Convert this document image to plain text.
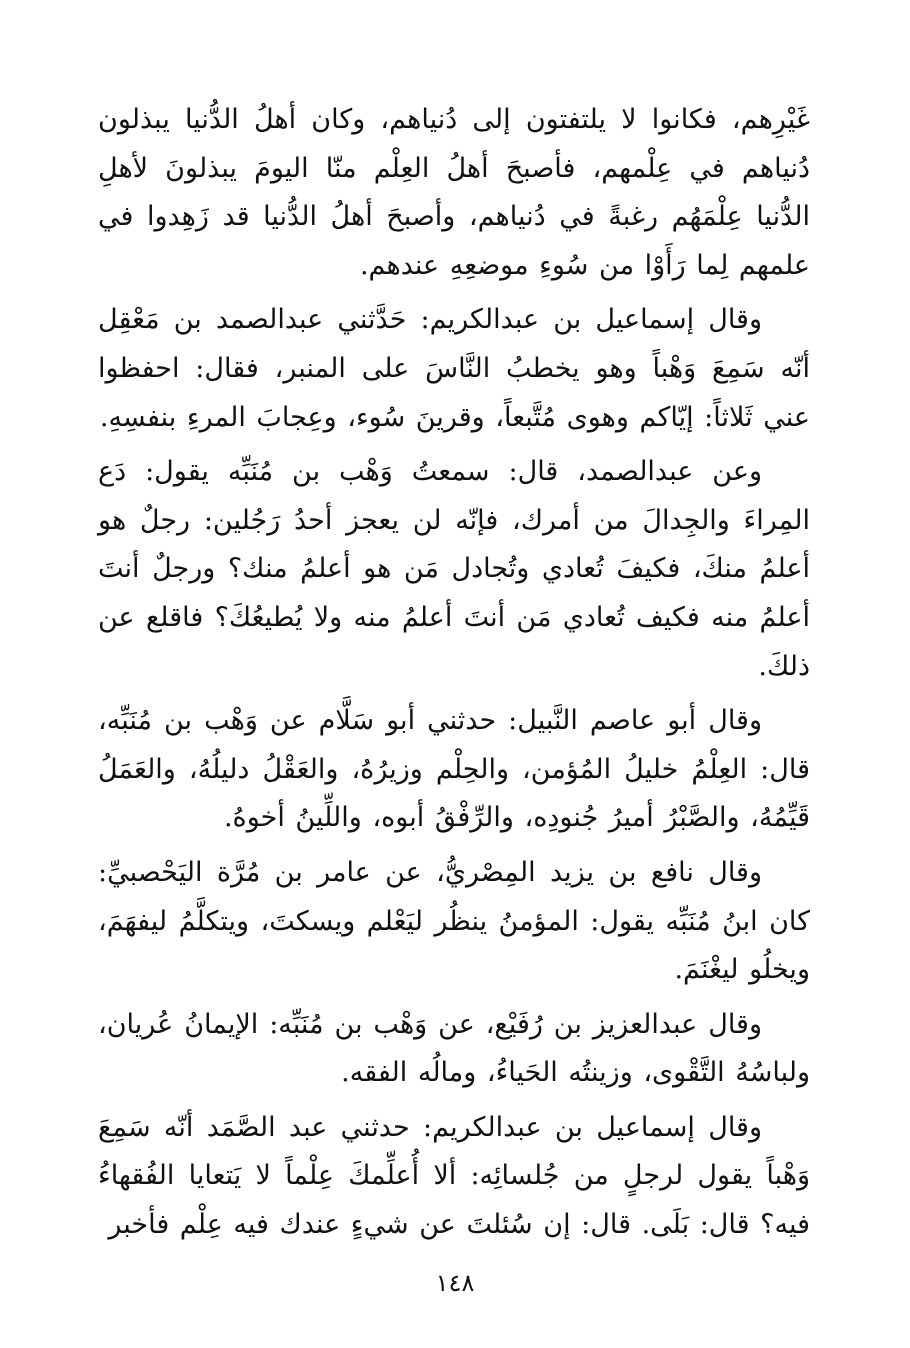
غَيْرِهم، فكانوا لا يلتفتون إلى دُنياهم، وكان أهلُ الدُّنيا يبذلون دُنياهم في عِلْمهم، فأصبحَ أهلُ العِلْم منّا اليومَ يبذلونَ لأهلِ الدُّنيا عِلْمَهُم رغبةً في دُنياهم، وأصبحَ أهلُ الدُّنيا قد زَهِدوا في علمهم لِما رَأَوْا من سُوءِ موضعِهِ عندهم.

وقال إسماعيل بن عبدالكريم: حَدَّثني عبدالصمد بن مَعْقِل أنّه سَمِعَ وَهْباً وهو يخطبُ النَّاسَ على المنبر، فقال: احفظوا عني ثَلاثاً: إيّاكم وهوى مُتَّبعاً، وقرينَ سُوء، وعِجابَ المرءِ بنفسِهِ.

وعن عبدالصمد، قال: سمعتُ وَهْب بن مُنَبِّه يقول: دَع المِراءَ والجِدالَ من أمرك، فإنّه لن يعجز أحدُ رَجُلين: رجلٌ هو أعلمُ منكَ، فكيفَ تُعادي وتُجادل مَن هو أعلمُ منك؟ ورجلٌ أنتَ أعلمُ منه فكيف تُعادي مَن أنتَ أعلمُ منه ولا يُطيعُكَ؟ فاقلع عن ذلكَ.

وقال أبو عاصم النَّبيل: حدثني أبو سَلَّام عن وَهْب بن مُنَبِّه، قال: العِلْمُ خليلُ المُؤمن، والحِلْم وزيرُهُ، والعَقْلُ دليلُهُ، والعَمَلُ قَيِّمُهُ، والصَّبْرُ أميرُ جُنودِه، والرِّفْقُ أبوه، واللِّينُ أخوهُ.

وقال نافع بن يزيد المِصْريُّ، عن عامر بن مُرَّة اليَحْصبيِّ: كان ابنُ مُنَبِّه يقول: المؤمنُ ينظُر ليَعْلم ويسكتَ، ويتكلَّمُ ليفهَمَ، ويخلُو ليغْنَمَ.

وقال عبدالعزيز بن رُفَيْع، عن وَهْب بن مُنَبِّه: الإيمانُ عُريان، ولباسُهُ التَّقْوى، وزينتُه الحَياءُ، ومالُه الفقه.

وقال إسماعيل بن عبدالكريم: حدثني عبد الصَّمَد أنّه سَمِعَ وَهْباً يقول لرجلٍ من جُلسائِه: ألا أُعلِّمكَ عِلْماً لا يَتعايا الفُقهاءُ فيه؟ قال: بَلَى. قال: إن سُئلتَ عن شيءٍ عندك فيه عِلْم فأخبر

١٤٨
